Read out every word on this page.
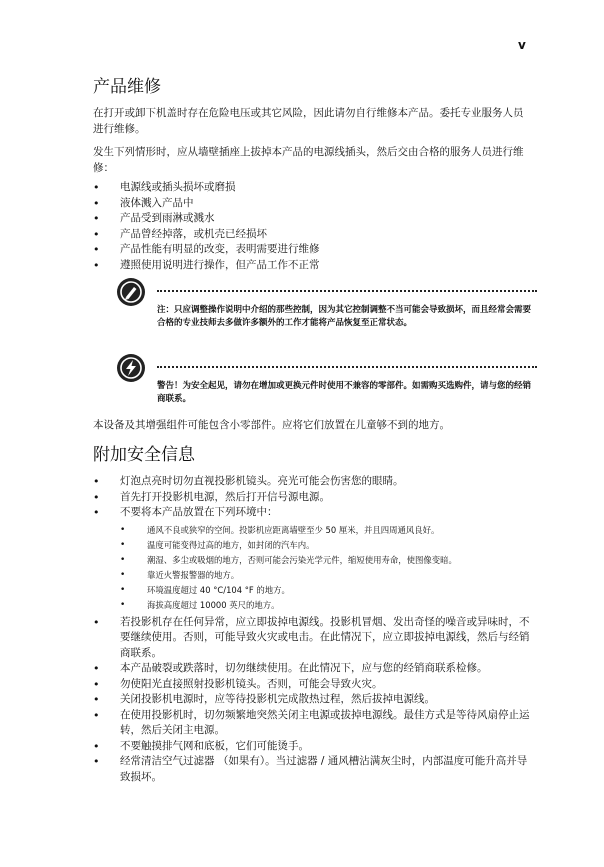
v
产品维修

在打开或卸下机盖时存在危险电压或其它风险，因此请勿自行维修本产品。委托专业服务人员进行维修。

发生下列情形时，应从墙壁插座上拔掉本产品的电源线插头，然后交由合格的服务人员进行维修：

• 电源线或插头损坏或磨损
• 液体溅入产品中
• 产品受到雨淋或溅水
• 产品曾经掉落，或机壳已经损坏
• 产品性能有明显的改变，表明需要进行维修
• 遵照使用说明进行操作，但产品工作不正常
注：只应调整操作说明中介绍的那些控制，因为其它控制调整不当可能会导致损坏，而且经常会需要合格的专业技师去多做许多额外的工作才能将产品恢复至正常状态。
警告！为安全起见，请勿在增加或更换元件时使用不兼容的零部件。如需购买选购件，请与您的经销商联系。

本设备及其增强组件可能包含小零部件。应将它们放置在儿童够不到的地方。

附加安全信息
• 灯泡点亮时切勿直视投影机镜头。亮光可能会伤害您的眼睛。
• 首先打开投影机电源，然后打开信号源电源。
• 不要将本产品放置在下列环境中：
• 通风不良或狭窄的空间。投影机应距离墙壁至少 50 厘米，并且四周通风良好。
• 温度可能变得过高的地方，如封闭的汽车内。
• 潮湿、多尘或吸烟的地方，否则可能会污染光学元件，缩短使用寿命，使图像变暗。
• 靠近火警报警器的地方。
• 环境温度超过 40 °C/104 °F 的地方。
• 海拔高度超过 10000 英尺的地方。
• 若投影机存在任何异常，应立即拔掉电源线。投影机冒烟、发出奇怪的噪音或异味时，不要继续使用。否则，可能导致火灾或电击。在此情况下，应立即拔掉电源线，然后与经销商联系。
• 本产品破裂或跌落时，切勿继续使用。在此情况下，应与您的经销商联系检修。
• 勿使阳光直接照射投影机镜头。否则，可能会导致火灾。
• 关闭投影机电源时，应等待投影机完成散热过程，然后拔掉电源线。
• 在使用投影机时，切勿频繁地突然关闭主电源或拔掉电源线。最佳方式是等待风扇停止运转，然后关闭主电源。
• 不要触摸排气网和底板，它们可能烫手。
• 经常清洁空气过滤器 （如果有）。当过滤器 / 通风槽沾满灰尘时，内部温度可能升高并导致损坏。
